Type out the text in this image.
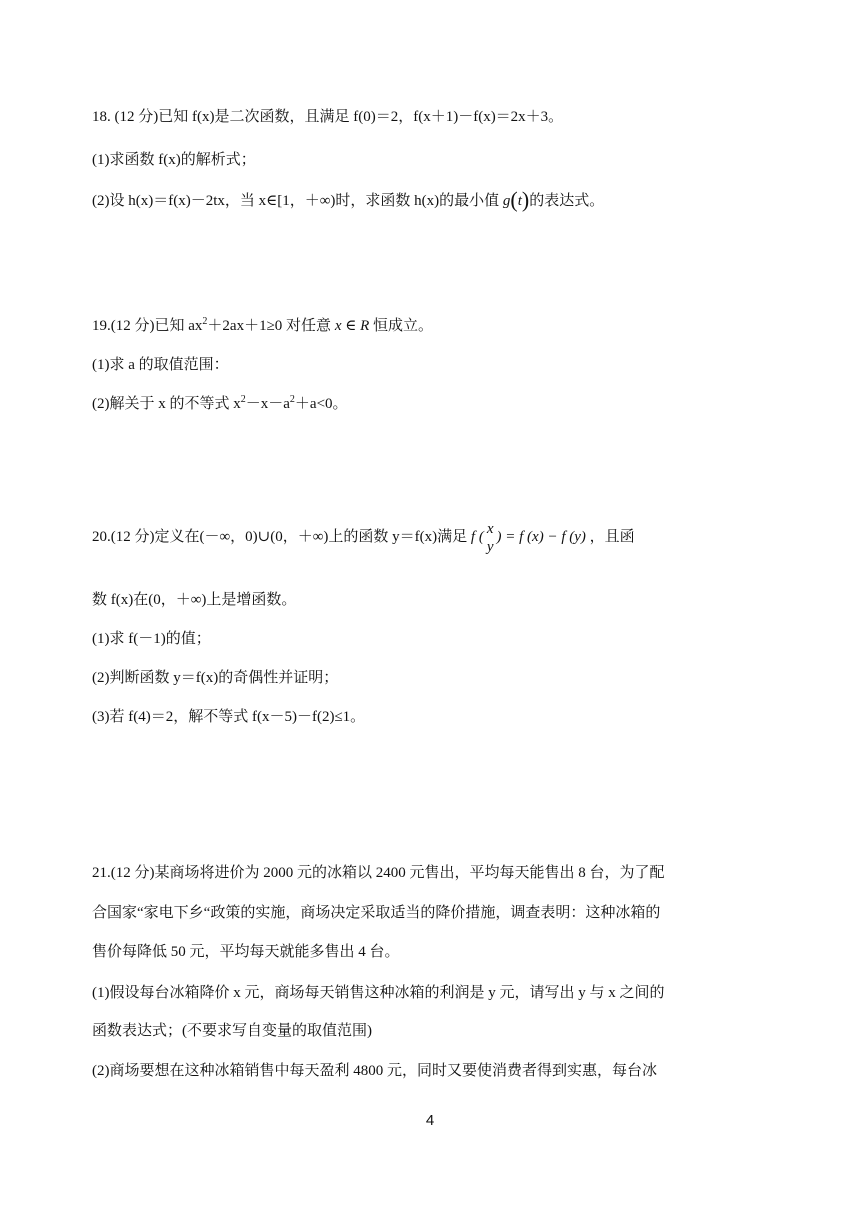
18. (12 分)已知 f(x)是二次函数，且满足 f(0)＝2，f(x＋1)－f(x)＝2x＋3。
(1)求函数 f(x)的解析式；
(2)设 h(x)＝f(x)－2tx，当 x∈[1，＋∞)时，求函数 h(x)的最小值 g(t)的表达式。
19.(12 分)已知 $ax^2+2ax+1\ge 0$ 对任意 x ∈ R 恒成立。
(1)求 a 的取值范围：
(2)解关于 x 的不等式 $x^2-x-a^2+a<0$。
20.(12 分)定义在(－∞，0)∪(0，＋∞)上的函数 y＝f(x)满足 f (
x
y
) = f (x) − f (y) ，且函
数 f(x)在(0，＋∞)上是增函数。
(1)求 f(－1)的值；
(2)判断函数 y＝f(x)的奇偶性并证明；
(3)若 f(4)＝2，解不等式 f(x－5)－f(2)≤1。
21.(12 分)某商场将进价为 2000 元的冰箱以 2400 元售出，平均每天能售出 8 台，为了配
合国家“家电下乡“政策的实施，商场决定采取适当的降价措施，调查表明：这种冰箱的
售价每降低 50 元，平均每天就能多售出 4 台。
(1)假设每台冰箱降价 x 元，商场每天销售这种冰箱的利润是 y 元，请写出 y 与 x 之间的
函数表达式；(不要求写自变量的取值范围)
(2)商场要想在这种冰箱销售中每天盈利 4800 元，同时又要使消费者得到实惠，每台冰
4
